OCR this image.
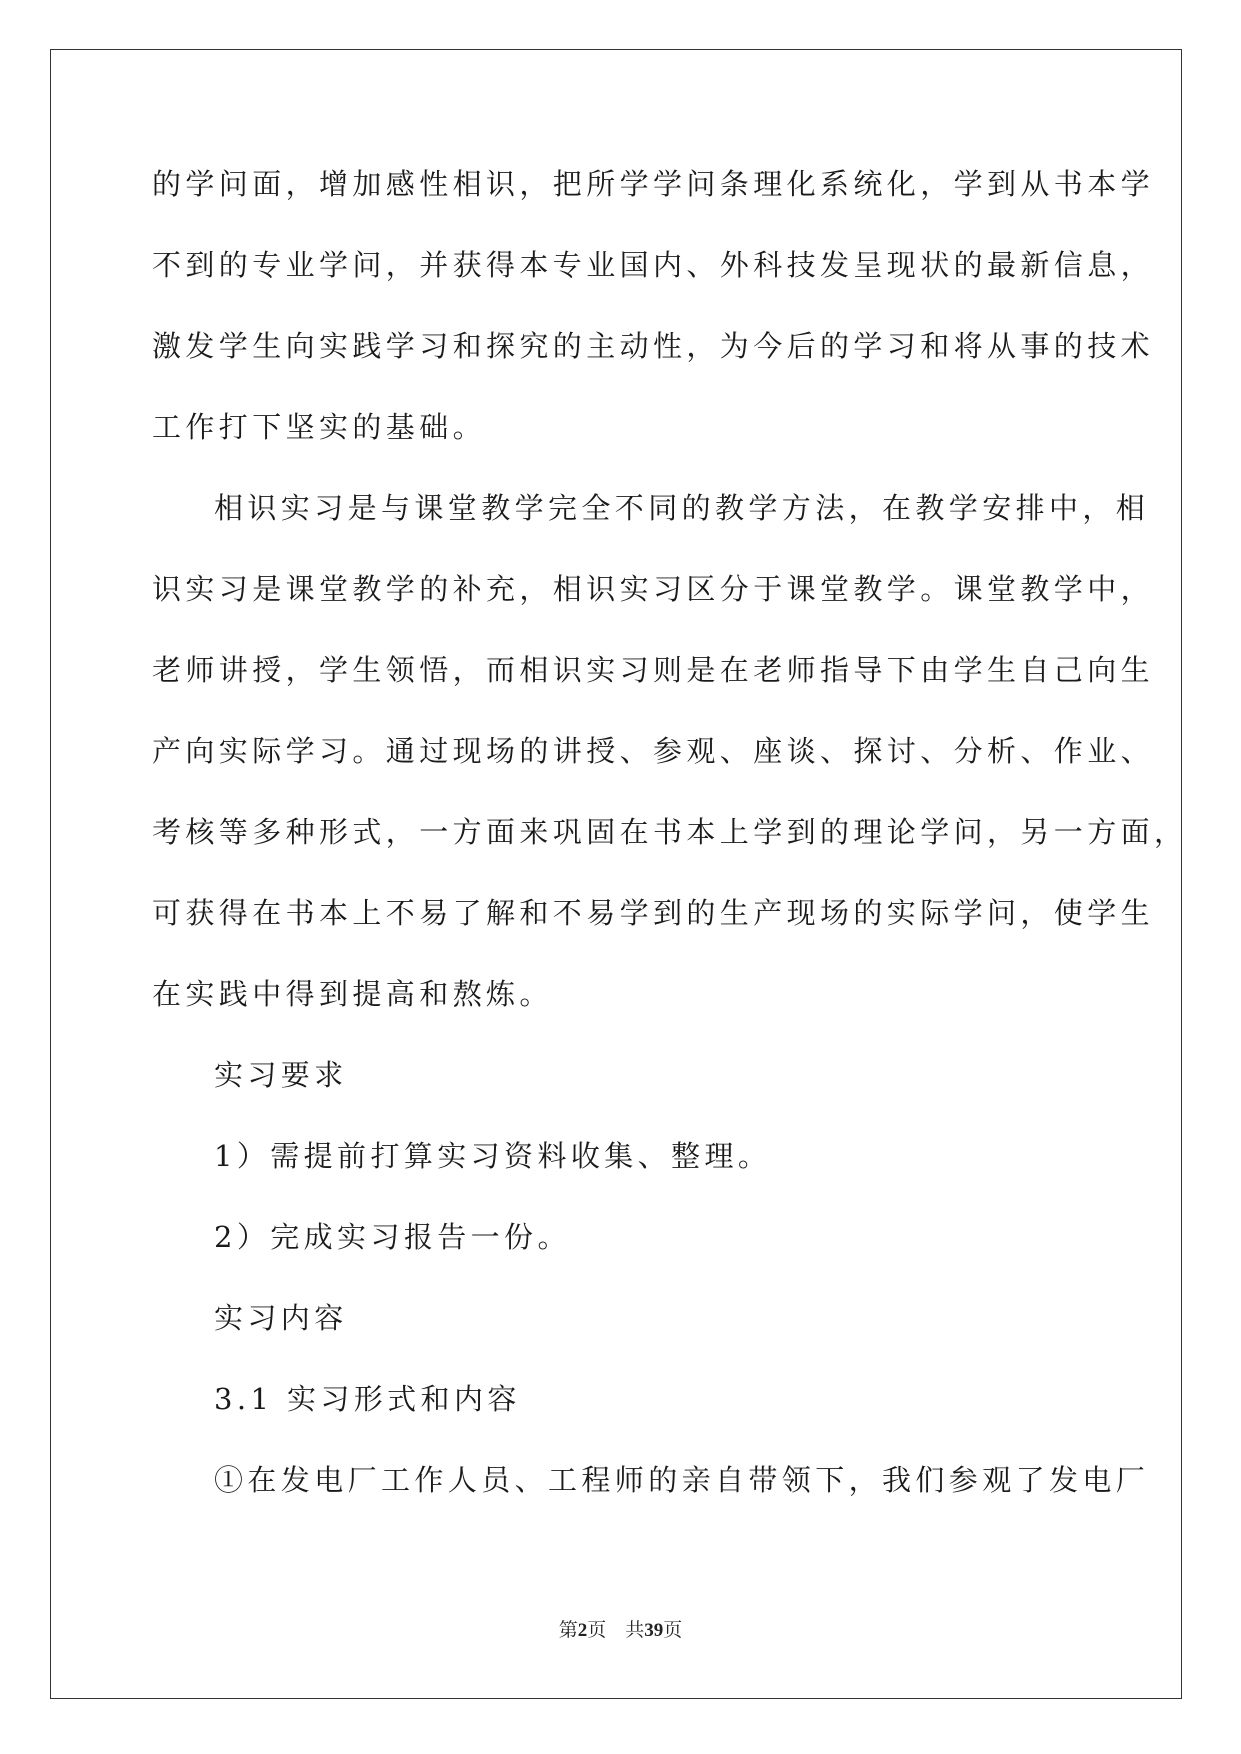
的学问面，增加感性相识，把所学学问条理化系统化，学到从书本学
不到的专业学问，并获得本专业国内、外科技发呈现状的最新信息，
激发学生向实践学习和探究的主动性，为今后的学习和将从事的技术
工作打下坚实的基础。
相识实习是与课堂教学完全不同的教学方法，在教学安排中，相
识实习是课堂教学的补充，相识实习区分于课堂教学。课堂教学中，
老师讲授，学生领悟，而相识实习则是在老师指导下由学生自己向生
产向实际学习。通过现场的讲授、参观、座谈、探讨、分析、作业、
考核等多种形式，一方面来巩固在书本上学到的理论学问，另一方面，
可获得在书本上不易了解和不易学到的生产现场的实际学问，使学生
在实践中得到提高和熬炼。
实习要求
1）需提前打算实习资料收集、整理。
2）完成实习报告一份。
实习内容
3.1 实习形式和内容
①在发电厂工作人员、工程师的亲自带领下，我们参观了发电厂
第2页 共39页
